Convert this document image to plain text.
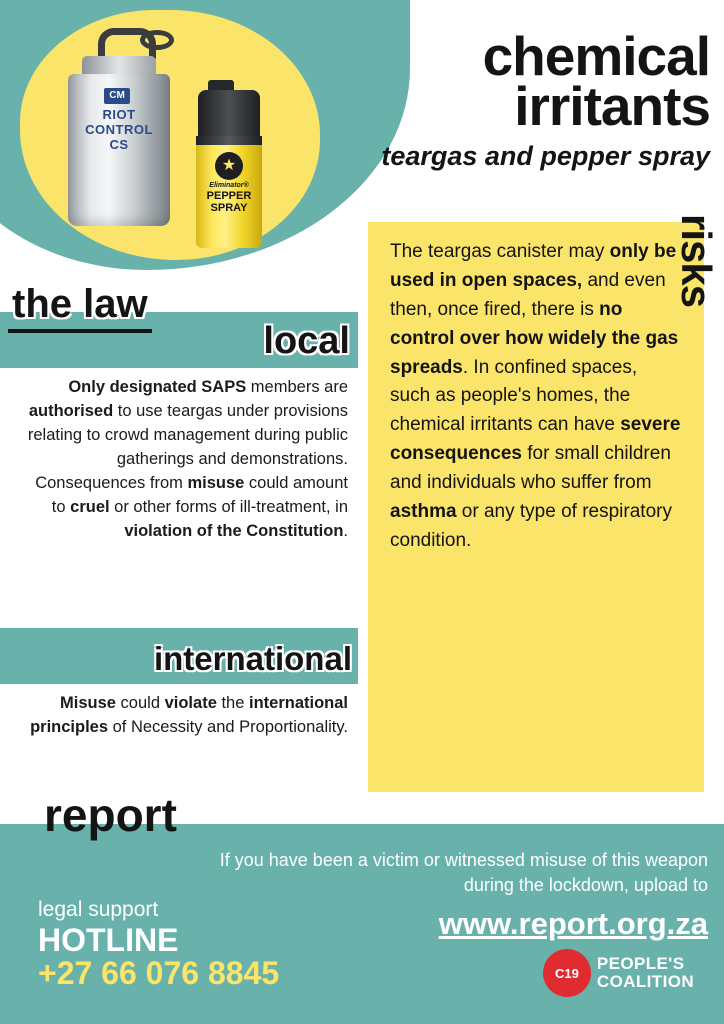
CM
RIOT CONTROL CS
★
Eliminator®
PEPPER SPRAY
chemical
irritants
teargas and pepper spray
the law
local
Only designated SAPS members are authorised to use teargas under provisions relating to crowd management during public gatherings and demonstrations. Consequences from misuse could amount to cruel or other forms of ill-treatment, in violation of the Constitution.
international
Misuse could violate the international principles of Necessity and Proportionality.
The teargas canister may only be used in open spaces, and even then, once fired, there is no control over how widely the gas spreads. In confined spaces, such as people's homes, the chemical irritants can have severe consequences for small children and individuals who suffer from asthma or any type of respiratory condition.
risks
report
If you have been a victim or witnessed misuse of this weapon during the lockdown, upload to
www.report.org.za
legal support
HOTLINE
+27 66 076 8845	C19	PEOPLE'S
COALITION
